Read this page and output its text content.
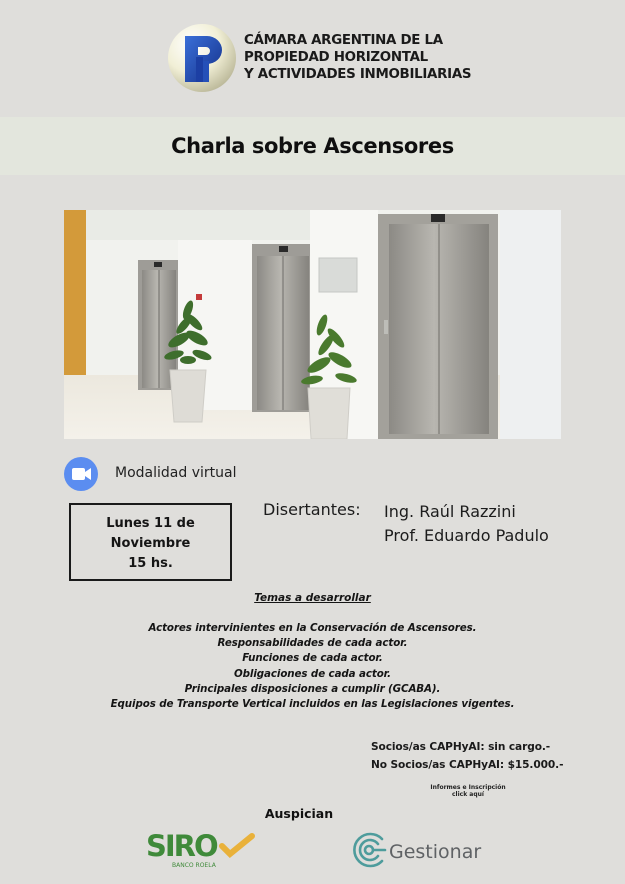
CÁMARA ARGENTINA DE LA
PROPIEDAD HORIZONTAL
Y ACTIVIDADES INMOBILIARIAS
Charla sobre Ascensores
Modalidad virtual
Lunes 11 de
Noviembre
15 hs.
Disertantes: Ing. Raúl Razzini
Prof. Eduardo Padulo
Temas a desarrollar
Actores intervinientes en la Conservación de Ascensores.
Responsabilidades de cada actor.
Funciones de cada actor.
Obligaciones de cada actor.
Principales disposiciones a cumplir (GCABA).
Equipos de Transporte Vertical incluidos en las Legislaciones vigentes.
Socios/as CAPHyAI: sin cargo.-
No Socios/as CAPHyAI: $15.000.-
Informes e Inscripción
click aquí
Auspician
SIRO
BANCO ROELA
Gestionar
